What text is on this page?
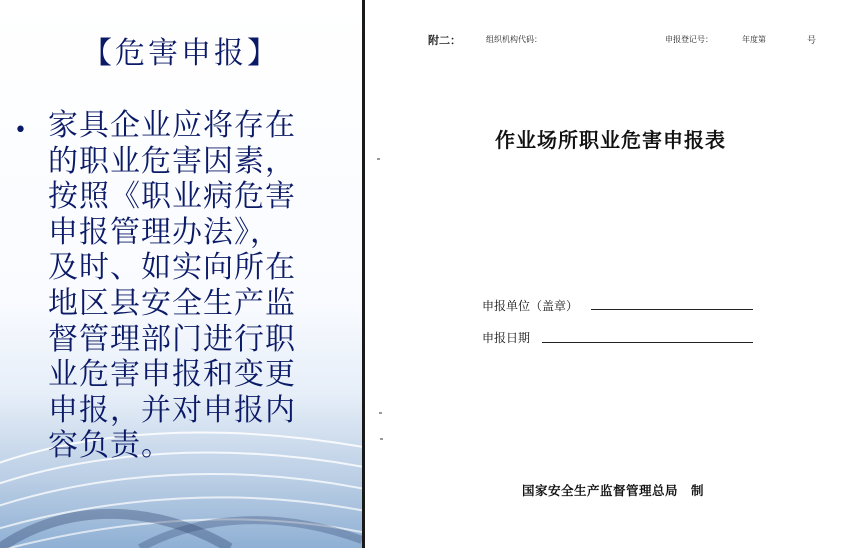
【危害申报】
• 家具企业应将存在的职业危害因素，按照《职业病危害申报管理办法》，及时、如实向所在地区县安全生产监督管理部门进行职业危害申报和变更申报，并对申报内容负责。
附二：	组织机构代码：	申报登记号：	年度第	号
作业场所职业危害申报表
申报单位（盖章）
申报日期
国家安全生产监督管理总局　制
